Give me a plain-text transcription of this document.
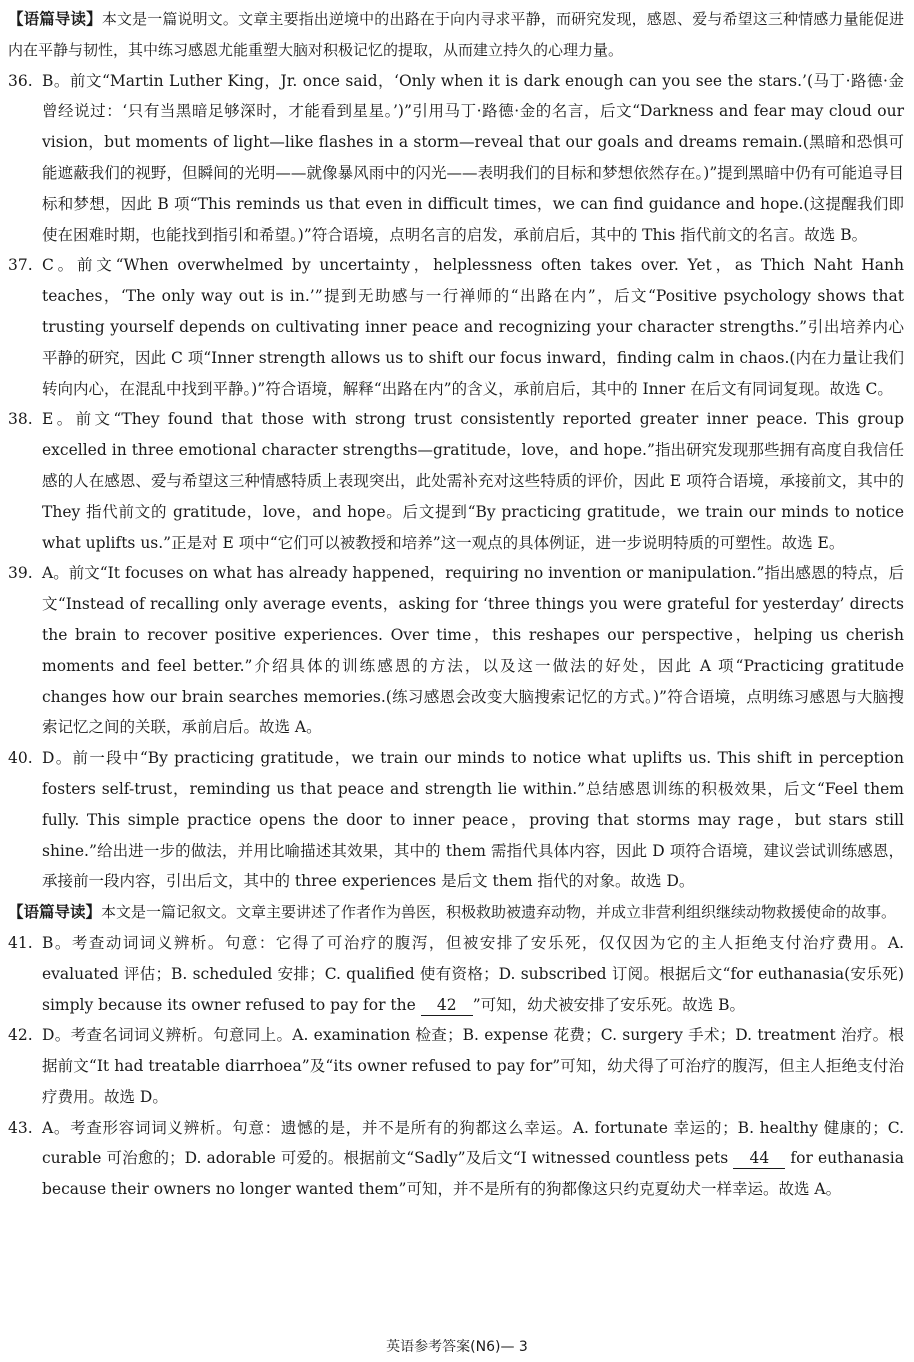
【语篇导读】本文是一篇说明文。文章主要指出逆境中的出路在于向内寻求平静，而研究发现，感恩、爱与希望这三种情感力量能促进内在平静与韧性，其中练习感恩尤能重塑大脑对积极记忆的提取，从而建立持久的心理力量。

36. B。前文“Martin Luther King，Jr. once said，‘Only when it is dark enough can you see the stars.’(马丁·路德·金曾经说过：‘只有当黑暗足够深时，才能看到星星。’)”引用马丁·路德·金的名言，后文“Darkness and fear may cloud our vision，but moments of light—like flashes in a storm—reveal that our goals and dreams remain.(黑暗和恐惧可能遮蔽我们的视野，但瞬间的光明——就像暴风雨中的闪光——表明我们的目标和梦想依然存在。)”提到黑暗中仍有可能追寻目标和梦想，因此 B 项“This reminds us that even in difficult times，we can find guidance and hope.(这提醒我们即使在困难时期，也能找到指引和希望。)”符合语境，点明名言的启发，承前启后，其中的 This 指代前文的名言。故选 B。
37. C。前文“When overwhelmed by uncertainty，helplessness often takes over. Yet，as Thich Naht Hanh teaches，‘The only way out is in.’”提到无助感与一行禅师的“出路在内”，后文“Positive psychology shows that trusting yourself depends on cultivating inner peace and recognizing your character strengths.”引出培养内心平静的研究，因此 C 项“Inner strength allows us to shift our focus inward，finding calm in chaos.(内在力量让我们转向内心，在混乱中找到平静。)”符合语境，解释“出路在内”的含义，承前启后，其中的 Inner 在后文有同词复现。故选 C。
38. E。前文“They found that those with strong trust consistently reported greater inner peace. This group excelled in three emotional character strengths—gratitude，love，and hope.”指出研究发现那些拥有高度自我信任感的人在感恩、爱与希望这三种情感特质上表现突出，此处需补充对这些特质的评价，因此 E 项符合语境，承接前文，其中的 They 指代前文的 gratitude，love，and hope。后文提到“By practicing gratitude，we train our minds to notice what uplifts us.”正是对 E 项中“它们可以被教授和培养”这一观点的具体例证，进一步说明特质的可塑性。故选 E。
39. A。前文“It focuses on what has already happened，requiring no invention or manipulation.”指出感恩的特点，后文“Instead of recalling only average events，asking for ‘three things you were grateful for yesterday’ directs the brain to recover positive experiences. Over time，this reshapes our perspective，helping us cherish moments and feel better.”介绍具体的训练感恩的方法，以及这一做法的好处，因此 A 项“Practicing gratitude changes how our brain searches memories.(练习感恩会改变大脑搜索记忆的方式。)”符合语境，点明练习感恩与大脑搜索记忆之间的关联，承前启后。故选 A。
40. D。前一段中“By practicing gratitude，we train our minds to notice what uplifts us. This shift in perception fosters self-trust，reminding us that peace and strength lie within.”总结感恩训练的积极效果，后文“Feel them fully. This simple practice opens the door to inner peace，proving that storms may rage，but stars still shine.”给出进一步的做法，并用比喻描述其效果，其中的 them 需指代具体内容，因此 D 项符合语境，建议尝试训练感恩，承接前一段内容，引出后文，其中的 three experiences 是后文 them 指代的对象。故选 D。

【语篇导读】本文是一篇记叙文。文章主要讲述了作者作为兽医，积极救助被遗弃动物，并成立非营利组织继续动物救援使命的故事。

41. B。考查动词词义辨析。句意：它得了可治疗的腹泻，但被安排了安乐死，仅仅因为它的主人拒绝支付治疗费用。A. evaluated 评估；B. scheduled 安排；C. qualified 使有资格；D. subscribed 订阅。根据后文“for euthanasia(安乐死) simply because its owner refused to pay for the 42 ”可知，幼犬被安排了安乐死。故选 B。
42. D。考查名词词义辨析。句意同上。A. examination 检查；B. expense 花费；C. surgery 手术；D. treatment 治疗。根据前文“It had treatable diarrhoea”及“its owner refused to pay for”可知，幼犬得了可治疗的腹泻，但主人拒绝支付治疗费用。故选 D。
43. A。考查形容词词义辨析。句意：遗憾的是，并不是所有的狗都这么幸运。A. fortunate 幸运的；B. healthy 健康的；C. curable 可治愈的；D. adorable 可爱的。根据前文“Sadly”及后文“I witnessed countless pets 44 for euthanasia because their owners no longer wanted them”可知，并不是所有的狗都像这只约克夏幼犬一样幸运。故选 A。
英语参考答案(N6)— 3
